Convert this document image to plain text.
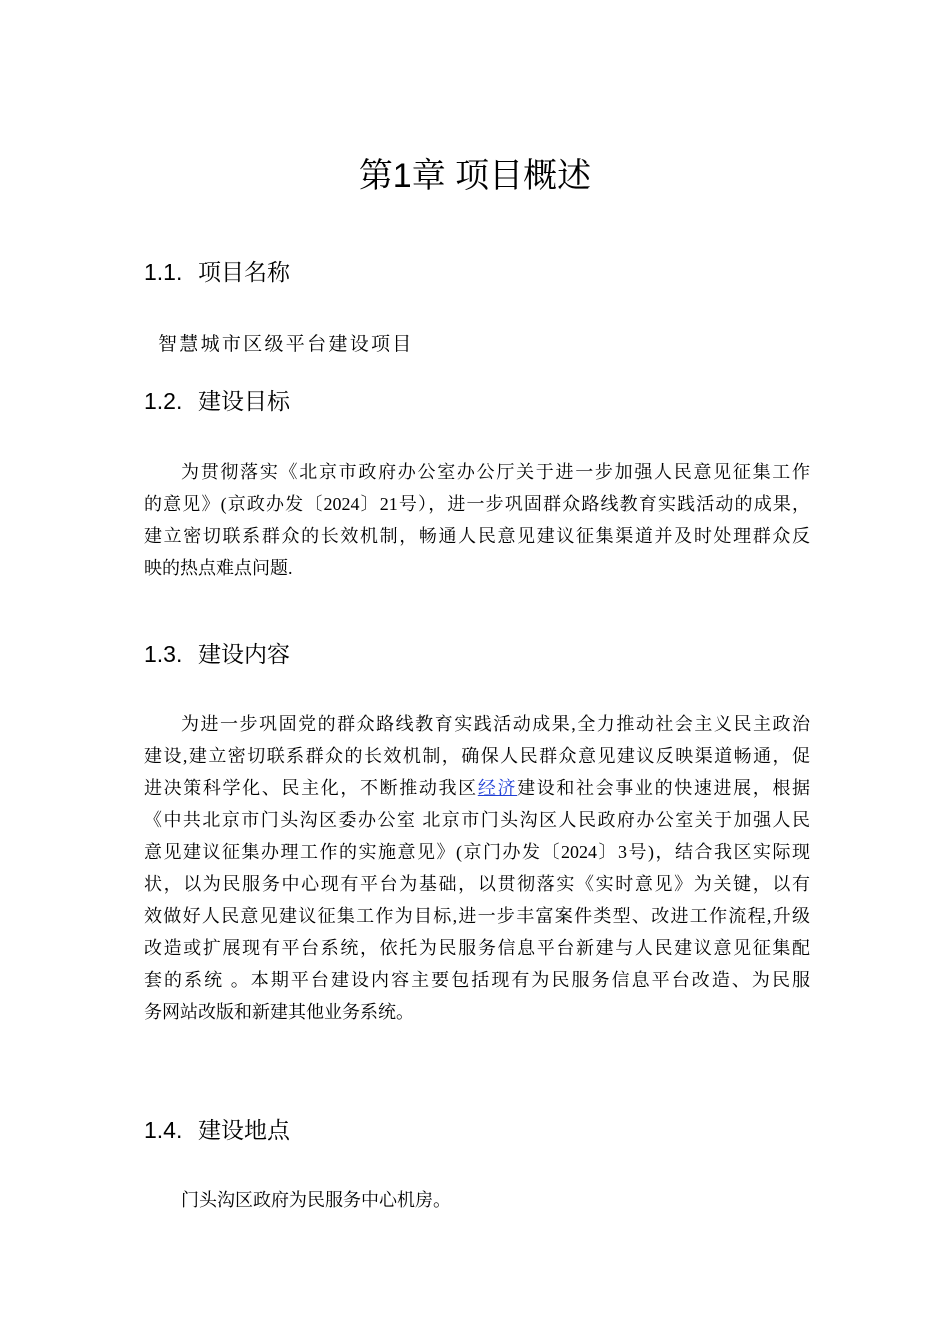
第1章 项目概述
1.1. 项目名称

智慧城市区级平台建设项目

1.2. 建设目标
为贯彻落实《北京市政府办公室办公厅关于进一步加强人民意见征集工作
的意见》(京政办发〔2024〕21号），进一步巩固群众路线教育实践活动的成果，
建立密切联系群众的长效机制，畅通人民意见建议征集渠道并及时处理群众反
映的热点难点问题.
1.3. 建设内容
为进一步巩固党的群众路线教育实践活动成果,全力推动社会主义民主政治
建设,建立密切联系群众的长效机制，确保人民群众意见建议反映渠道畅通，促
进决策科学化、民主化，不断推动我区经济建设和社会事业的快速进展，根据
《中共北京市门头沟区委办公室 北京市门头沟区人民政府办公室关于加强人民
意见建议征集办理工作的实施意见》(京门办发〔2024〕3号)，结合我区实际现
状，以为民服务中心现有平台为基础，以贯彻落实《实时意见》为关键，以有
效做好人民意见建议征集工作为目标,进一步丰富案件类型、改进工作流程,升级
改造或扩展现有平台系统，依托为民服务信息平台新建与人民建议意见征集配
套的系统 。本期平台建设内容主要包括现有为民服务信息平台改造、为民服
务网站改版和新建其他业务系统。
1.4. 建设地点
门头沟区政府为民服务中心机房。
